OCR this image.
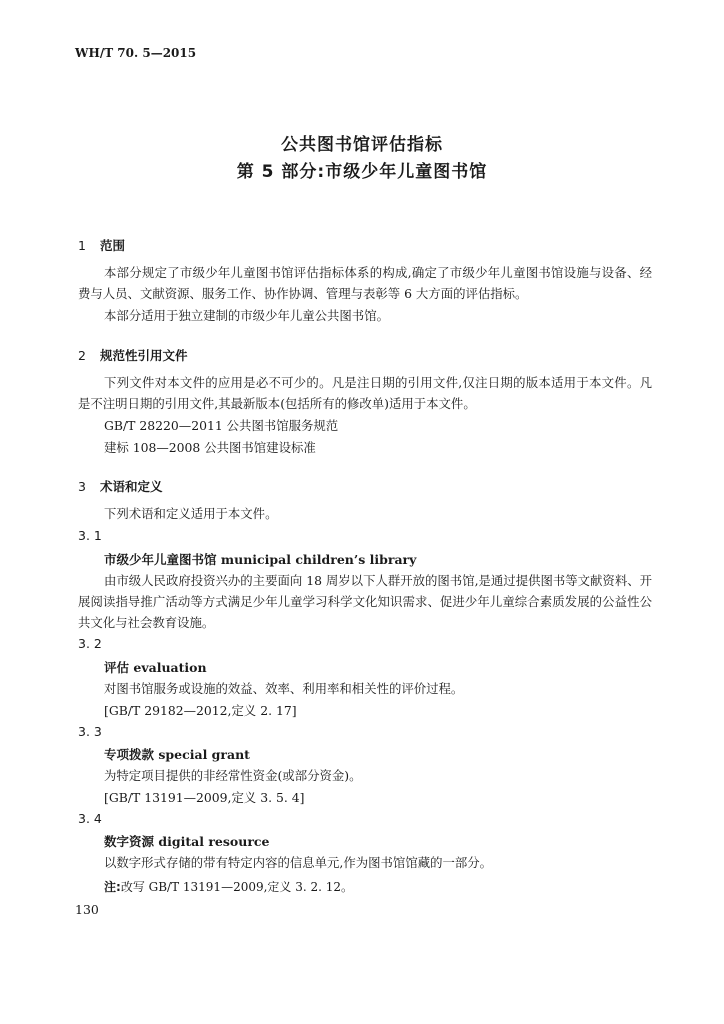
WH/T 70. 5—2015
公共图书馆评估指标
第 5 部分:市级少年儿童图书馆
1 范围

本部分规定了市级少年儿童图书馆评估指标体系的构成,确定了市级少年儿童图书馆设施与设备、经费与人员、文献资源、服务工作、协作协调、管理与表彰等 6 大方面的评估指标。

本部分适用于独立建制的市级少年儿童公共图书馆。

2 规范性引用文件

下列文件对本文件的应用是必不可少的。凡是注日期的引用文件,仅注日期的版本适用于本文件。凡是不注明日期的引用文件,其最新版本(包括所有的修改单)适用于本文件。

GB/T 28220—2011 公共图书馆服务规范

建标 108—2008 公共图书馆建设标准

3 术语和定义

下列术语和定义适用于本文件。

3. 1
市级少年儿童图书馆 municipal children’s library

由市级人民政府投资兴办的主要面向 18 周岁以下人群开放的图书馆,是通过提供图书等文献资料、开展阅读指导推广活动等方式满足少年儿童学习科学文化知识需求、促进少年儿童综合素质发展的公益性公共文化与社会教育设施。

3. 2
评估 evaluation

对图书馆服务或设施的效益、效率、利用率和相关性的评价过程。

[GB/T 29182—2012,定义 2. 17]

3. 3
专项拨款 special grant

为特定项目提供的非经常性资金(或部分资金)。

[GB/T 13191—2009,定义 3. 5. 4]

3. 4
数字资源 digital resource

以数字形式存储的带有特定内容的信息单元,作为图书馆馆藏的一部分。

注:改写 GB/T 13191—2009,定义 3. 2. 12。
130
